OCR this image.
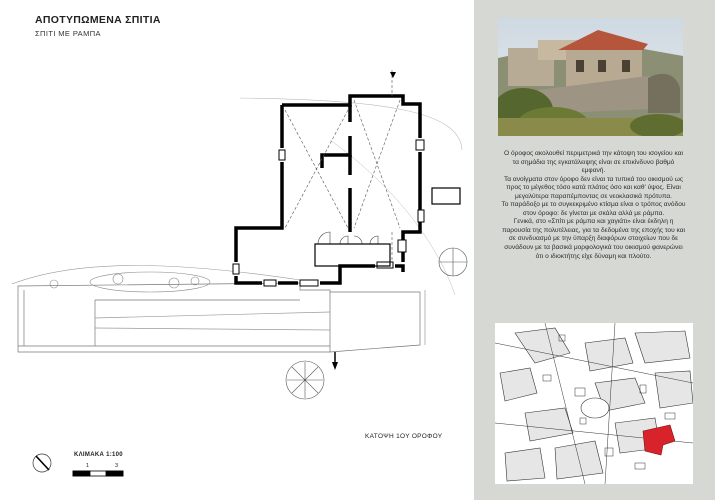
ΑΠΟΤΥΠΩΜΕΝΑ ΣΠΙΤΙΑ
ΣΠΙΤΙ ΜΕ ΡΑΜΠΑ
ΚΑΤΟΨΗ 1ΟΥ ΟΡΟΦΟΥ
ΚΛΙΜΑΚΑ 1:100
1	3

Ο όροφος ακολουθεί περιμετρικά την κάτοψη του ισογείου και τα σημάδια της εγκατάλειψης είναι σε επικίνδυνο βαθμό εμφανή.

Τα ανοίγματα στον όροφο δεν είναι τα τυπικά του οικισμού ως προς το μέγεθος τόσο κατά πλάτος όσο και καθ' ύψος. Είναι μεγαλύτερα παραπέμποντας σε νεοκλασικά πρότυπα.

Το παράδοξο με το συγκεκριμένο κτίσμα είναι ο τρόπος ανόδου στον όροφο: δε γίνεται με σκάλα αλλά με ράμπα.

Γενικά, στο «Σπίτι με ράμπα και χαγιάτι» είναι έκδηλη η παρουσία της πολυτέλειας, για τα δεδομένα της εποχής του και σε συνδυασμό με την ύπαρξη διαφόρων στοιχείων που δε συνάδουν με τα βασικά μορφολογικά του οικισμού φανερώνει ότι ο ιδιοκτήτης είχε δύναμη και πλούτο.
